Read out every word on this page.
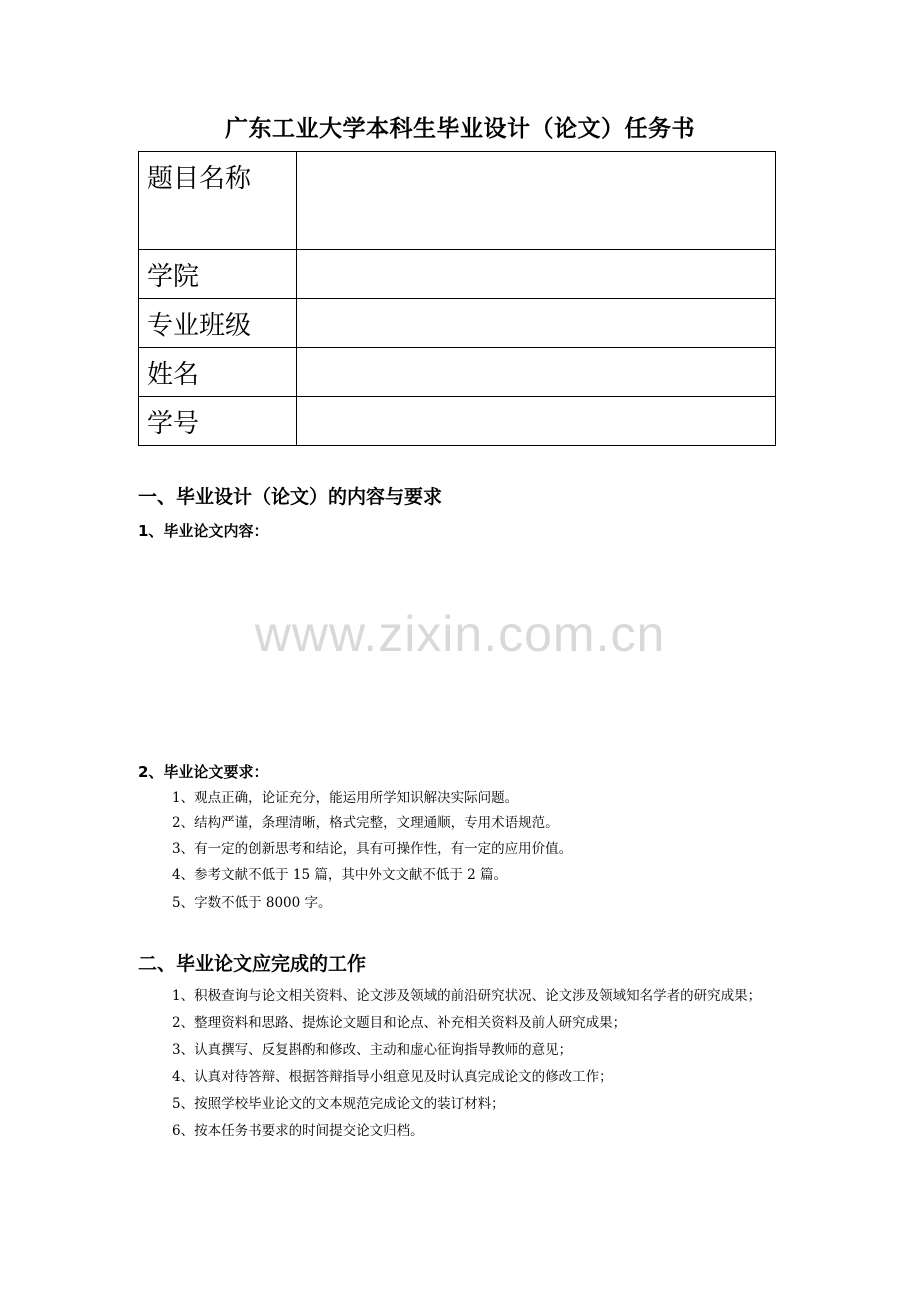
广东工业大学本科生毕业设计（论文）任务书
题目名称	
学院	
专业班级	
姓名	
学号	
一、毕业设计（论文）的内容与要求
1、毕业论文内容：
www.zixin.com.cn
2、毕业论文要求：
1、观点正确，论证充分，能运用所学知识解决实际问题。
2、结构严谨，条理清晰，格式完整，文理通顺，专用术语规范。
3、有一定的创新思考和结论，具有可操作性，有一定的应用价值。
4、参考文献不低于 15 篇，其中外文文献不低于 2 篇。
5、字数不低于 8000 字。
二、毕业论文应完成的工作

1、积极查询与论文相关资料、论文涉及领域的前沿研究状况、论文涉及领域知名学者的研究成果；

2、整理资料和思路、提炼论文题目和论点、补充相关资料及前人研究成果；

3、认真撰写、反复斟酌和修改、主动和虚心征询指导教师的意见；

4、认真对待答辩、根据答辩指导小组意见及时认真完成论文的修改工作；

5、按照学校毕业论文的文本规范完成论文的装订材料；

6、按本任务书要求的时间提交论文归档。
